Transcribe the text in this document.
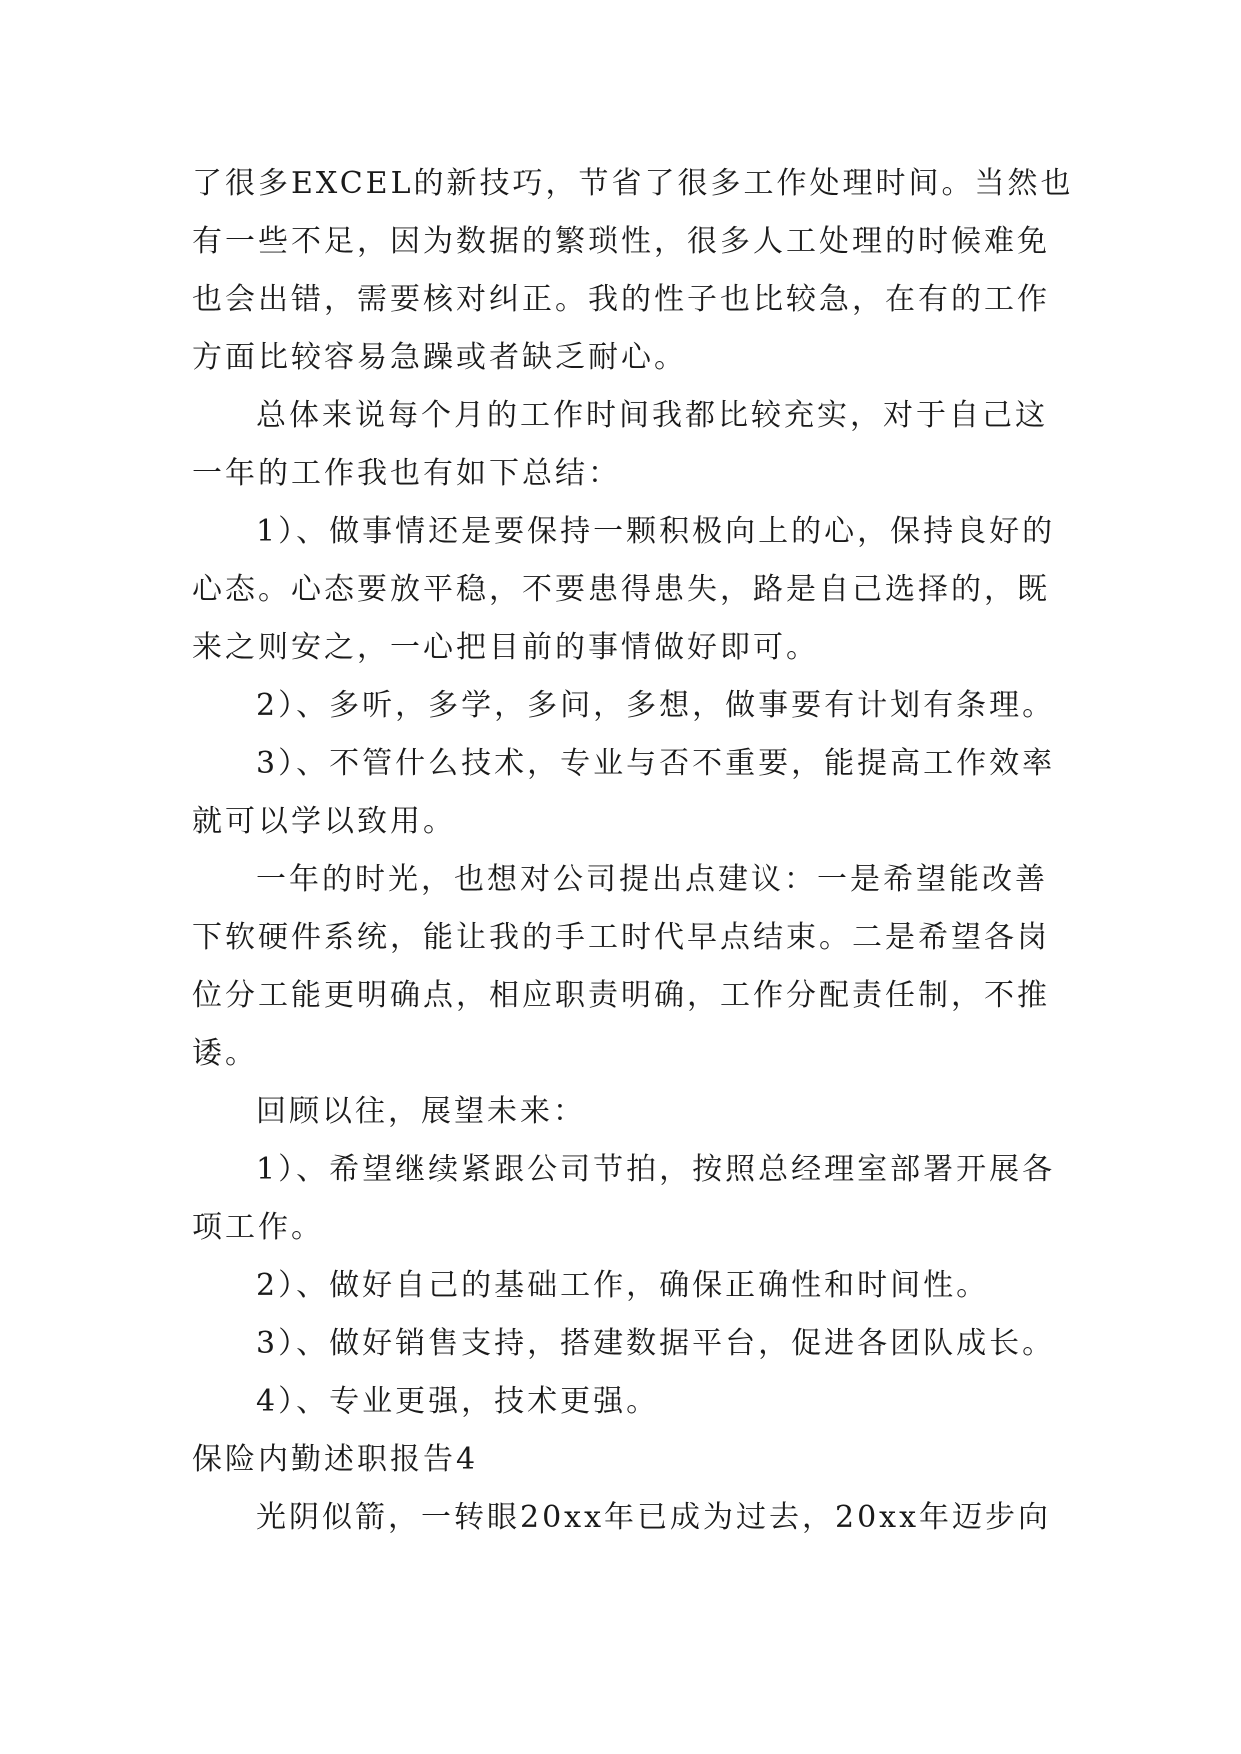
了很多EXCEL的新技巧，节省了很多工作处理时间。当然也
有一些不足，因为数据的繁琐性，很多人工处理的时候难免
也会出错，需要核对纠正。我的性子也比较急，在有的工作
方面比较容易急躁或者缺乏耐心。
总体来说每个月的工作时间我都比较充实，对于自己这
一年的工作我也有如下总结：
1）、做事情还是要保持一颗积极向上的心，保持良好的
心态。心态要放平稳，不要患得患失，路是自己选择的，既
来之则安之，一心把目前的事情做好即可。
2）、多听，多学，多问，多想，做事要有计划有条理。
3）、不管什么技术，专业与否不重要，能提高工作效率
就可以学以致用。
一年的时光，也想对公司提出点建议：一是希望能改善
下软硬件系统，能让我的手工时代早点结束。二是希望各岗
位分工能更明确点，相应职责明确，工作分配责任制，不推
诿。
回顾以往，展望未来：
1）、希望继续紧跟公司节拍，按照总经理室部署开展各
项工作。
2）、做好自己的基础工作，确保正确性和时间性。
3）、做好销售支持，搭建数据平台，促进各团队成长。
4）、专业更强，技术更强。
保险内勤述职报告4
光阴似箭，一转眼20xx年已成为过去，20xx年迈步向
